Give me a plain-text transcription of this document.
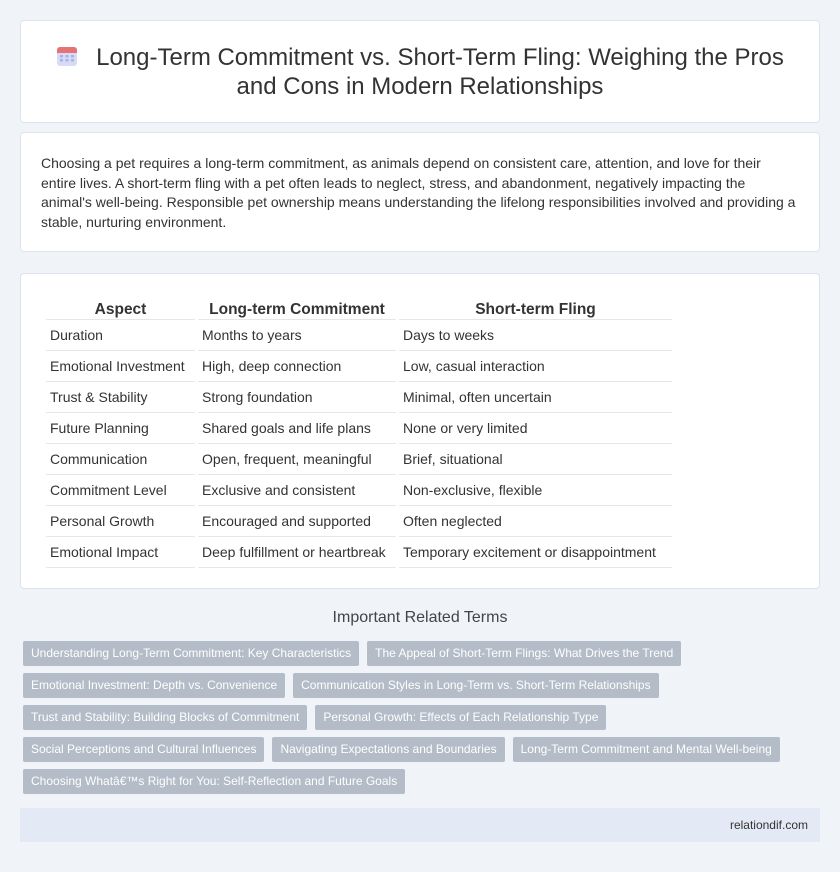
Long-Term Commitment vs. Short-Term Fling: Weighing the Pros and Cons in Modern Relationships

Choosing a pet requires a long-term commitment, as animals depend on consistent care, attention, and love for their entire lives. A short-term fling with a pet often leads to neglect, stress, and abandonment, negatively impacting the animal's well-being. Responsible pet ownership means understanding the lifelong responsibilities involved and providing a stable, nurturing environment.

Aspect	Long-term Commitment	Short-term Fling
Duration	Months to years	Days to weeks
Emotional Investment	High, deep connection	Low, casual interaction
Trust & Stability	Strong foundation	Minimal, often uncertain
Future Planning	Shared goals and life plans	None or very limited
Communication	Open, frequent, meaningful	Brief, situational
Commitment Level	Exclusive and consistent	Non-exclusive, flexible
Personal Growth	Encouraged and supported	Often neglected
Emotional Impact	Deep fulfillment or heartbreak	Temporary excitement or disappointment
Important Related Terms
Understanding Long-Term Commitment: Key Characteristics	The Appeal of Short-Term Flings: What Drives the Trend
Emotional Investment: Depth vs. Convenience	Communication Styles in Long-Term vs. Short-Term Relationships
Trust and Stability: Building Blocks of Commitment	Personal Growth: Effects of Each Relationship Type
Social Perceptions and Cultural Influences	Navigating Expectations and Boundaries	Long-Term Commitment and Mental Well-being
Choosing Whatâ€™s Right for You: Self-Reflection and Future Goals
relationdif.com
